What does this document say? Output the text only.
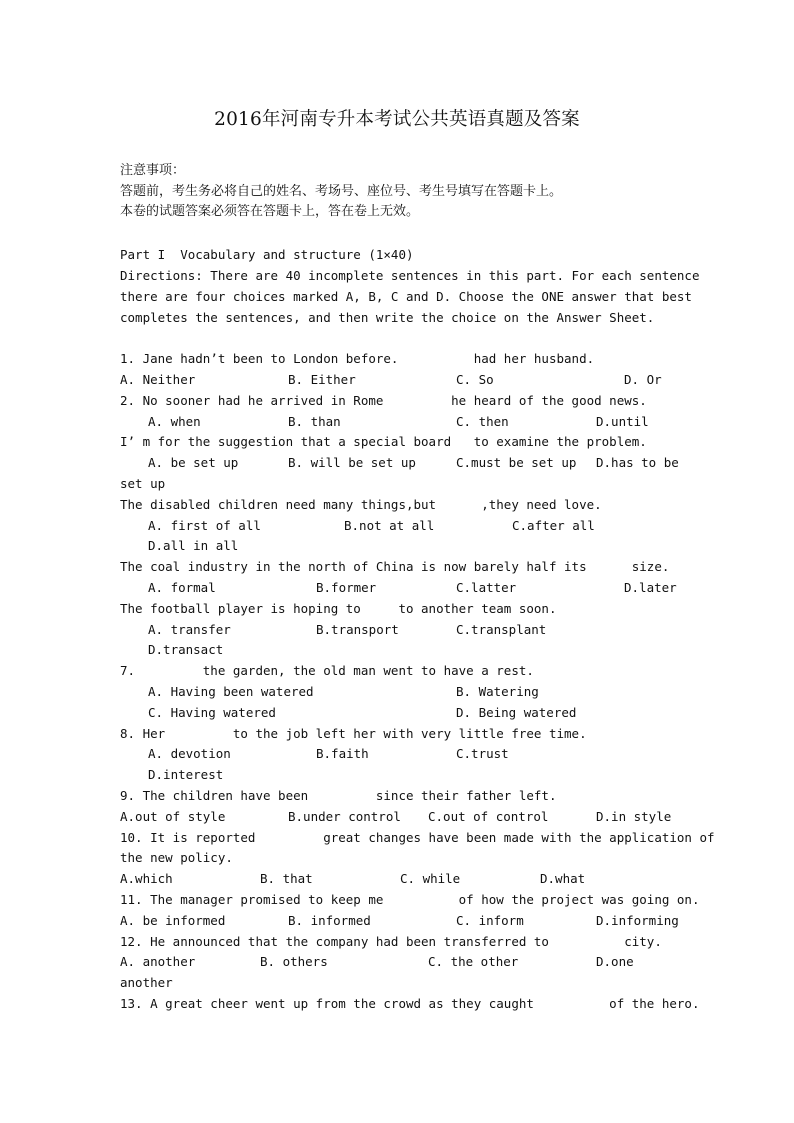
2016年河南专升本考试公共英语真题及答案
注意事项：
答题前，考生务必将自己的姓名、考场号、座位号、考生号填写在答题卡上。
本卷的试题答案必须答在答题卡上，答在卷上无效。
Part I  Vocabulary and structure (1×40)
Directions: There are 40 incomplete sentences in this part. For each sentence
there are four choices marked A, B, C and D. Choose the ONE answer that best
completes the sentences, and then write the choice on the Answer Sheet.
1. Jane hadn’t been to London before.          had her husband.
A. Neither	B. Either	C. So	D. Or
2. No sooner had he arrived in Rome         he heard of the good news.
A. when	B. than	C. then	D.until
I’ m for the suggestion that a special board   to examine the problem.
A. be set up	B. will be set up	C.must be set up D.has to be
set up
The disabled children need many things,but      ,they need love.
A. first of all	B.not at all	C.after all
D.all in all
The coal industry in the north of China is now barely half its      size.
A. formal	B.former	C.latter	D.later
The football player is hoping to     to another team soon.
A. transfer	B.transport	C.transplant
D.transact
7.         the garden, the old man went to have a rest.
A. Having been watered	B. Watering
C. Having watered	D. Being watered
8. Her         to the job left her with very little free time.
A. devotion	B.faith	C.trust
D.interest
9. The children have been         since their father left.
A.out of style	B.under control C.out of control	D.in style
10. It is reported         great changes have been made with the application of
the new policy.
A.which	B. that	C. while	D.what
11. The manager promised to keep me          of how the project was going on.
A. be informed	B. informed	C. inform	D.informing
12. He announced that the company had been transferred to          city.
A. another	B. others	C. the other	D.one
another
13. A great cheer went up from the crowd as they caught          of the hero.
